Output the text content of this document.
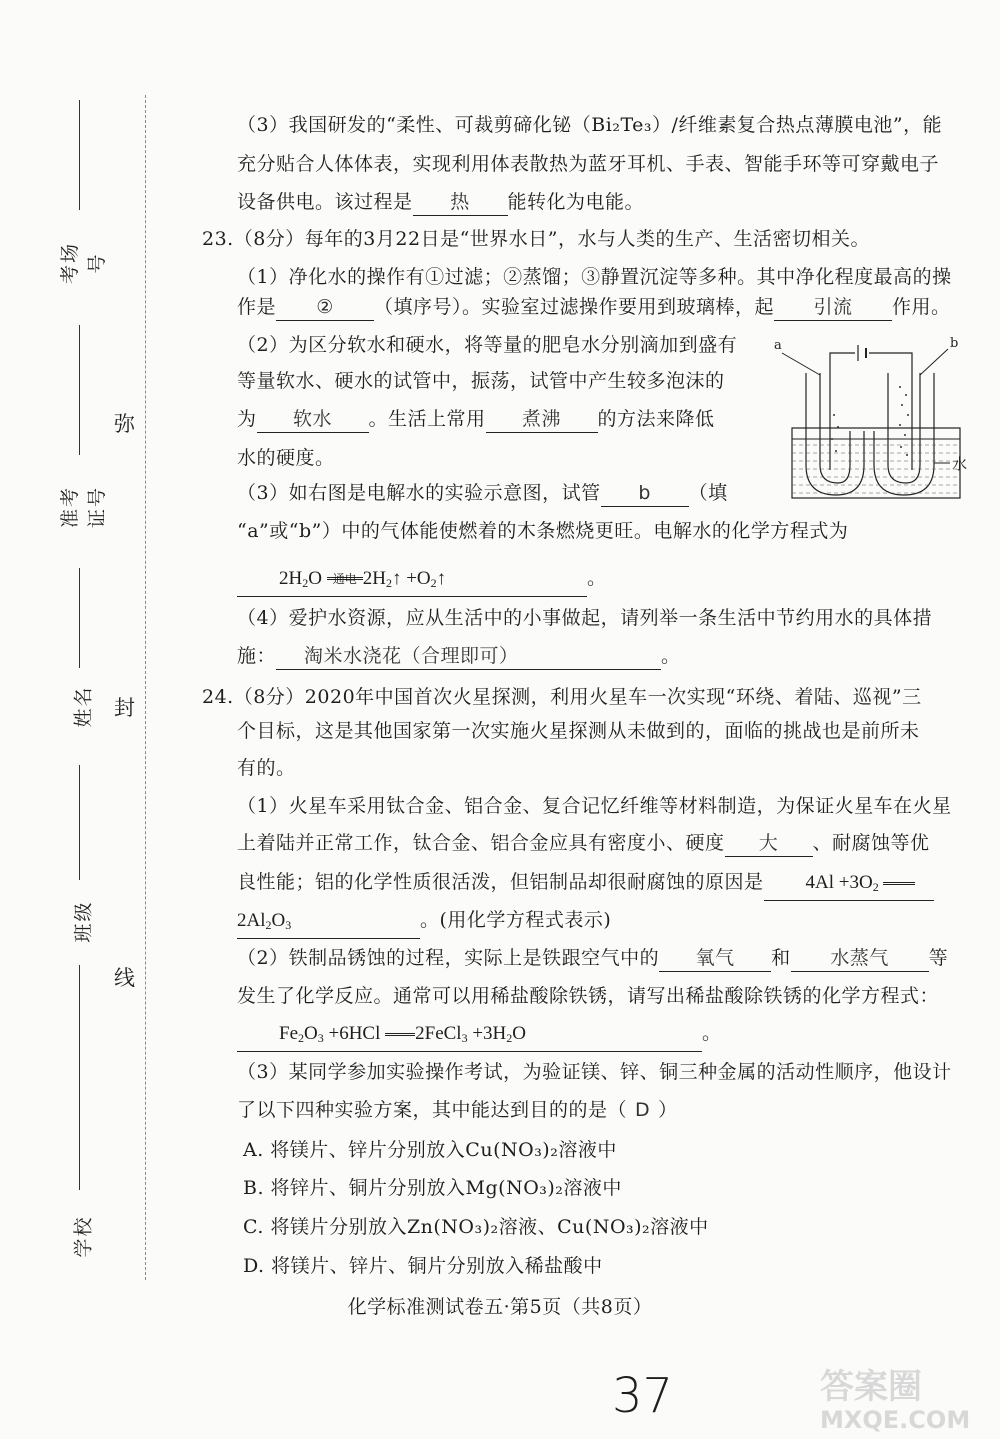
考场号
准考证号
姓名
班级
学校
弥
封
线
（3）我国研发的“柔性、可裁剪碲化铋（Bi₂Te₃）/纤维素复合热点薄膜电池”，能
充分贴合人体体表，实现利用体表散热为蓝牙耳机、手表、智能手环等可穿戴电子
设备供电。该过程是 热 能转化为电能。
23.（8分）每年的3月22日是“世界水日”，水与人类的生产、生活密切相关。
（1）净化水的操作有①过滤；②蒸馏；③静置沉淀等多种。其中净化程度最高的操
作是 ② （填序号）。实验室过滤操作要用到玻璃棒，起 引流 作用。
（2）为区分软水和硬水，将等量的肥皂水分别滴加到盛有
等量软水、硬水的试管中，振荡，试管中产生较多泡沫的
为 软水 。生活上常用 煮沸 的方法来降低
水的硬度。
（3）如右图是电解水的实验示意图，试管 b （填
“a”或“b”）中的气体能使燃着的木条燃烧更旺。电解水的化学方程式为
$2H_2O$ 通电 $2H_2↑$ $+O_2↑$	。
（4）爱护水资源，应从生活中的小事做起，请列举一条生活中节约用水的具体措
施： 淘米水浇花（合理即可）	。
a	b
水
24.（8分）2020年中国首次火星探测，利用火星车一次实现“环绕、着陆、巡视”三
个目标，这是其他国家第一次实施火星探测从未做到的，面临的挑战也是前所未
有的。
（1）火星车采用钛合金、铝合金、复合记忆纤维等材料制造，为保证火星车在火星
上着陆并正常工作，钛合金、铝合金应具有密度小、硬度 大 、耐腐蚀等优
良性能；铝的化学性质很活泼，但铝制品却很耐腐蚀的原因是 $4Al +3O_2$
$2Al_2O_3$	。(用化学方程式表示)
（2）铁制品锈蚀的过程，实际上是铁跟空气中的 氧气 和 水蒸气 等
发生了化学反应。通常可以用稀盐酸除铁锈，请写出稀盐酸除铁锈的化学方程式：
$Fe_2O_3 +6HCl$ 2FeCl$_3$ $+3H_2O$	。
（3）某同学参加实验操作考试，为验证镁、锌、铜三种金属的活动性顺序，他设计
了以下四种实验方案，其中能达到目的的是（ D ）
A. 将镁片、锌片分别放入Cu(NO₃)₂溶液中
B. 将锌片、铜片分别放入Mg(NO₃)₂溶液中
C. 将镁片分别放入Zn(NO₃)₂溶液、Cu(NO₃)₂溶液中
D. 将镁片、锌片、铜片分别放入稀盐酸中
化学标准测试卷五·第5页（共8页）
37	答案圈
MXQE.COM
